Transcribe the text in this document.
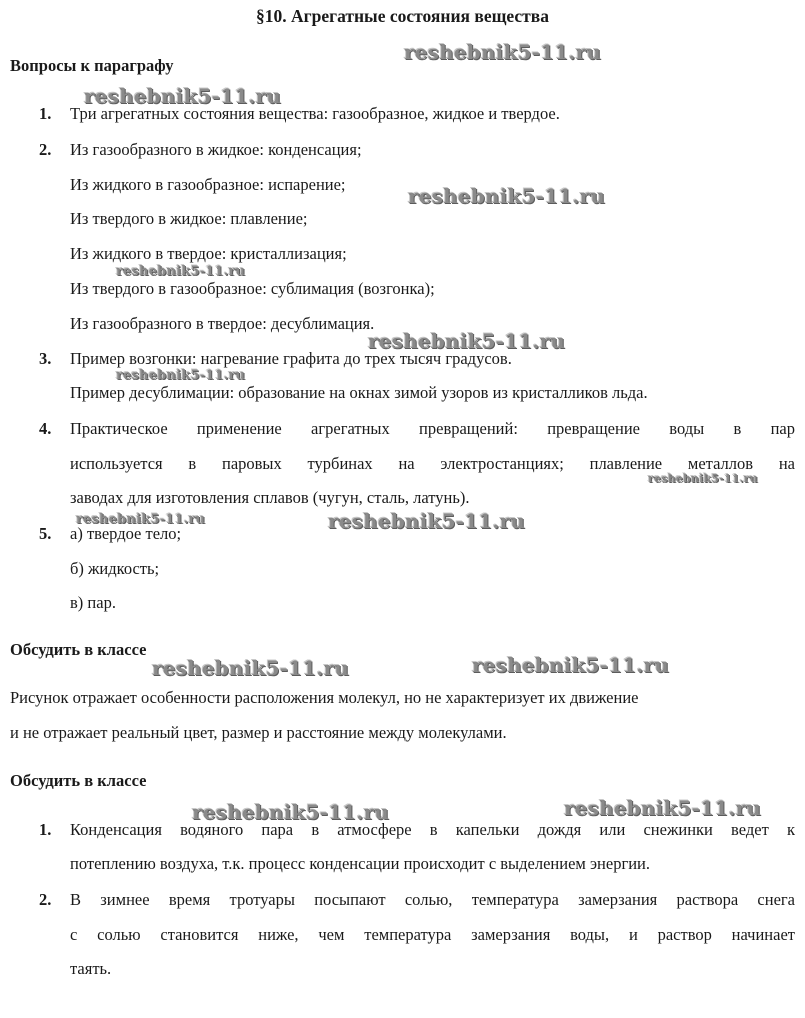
§10. Агрегатные состояния вещества
Вопросы к параграфу
1. Три агрегатных состояния вещества: газообразное, жидкое и твердое.
2. Из газообразного в жидкое: конденсация;
Из жидкого в газообразное: испарение;
Из твердого в жидкое: плавление;
Из жидкого в твердое: кристаллизация;
Из твердого в газообразное: сублимация (возгонка);
Из газообразного в твердое: десублимация.
3. Пример возгонки: нагревание графита до трех тысяч градусов.
Пример десублимации: образование на окнах зимой узоров из кристалликов льда.
4. Практическое применение агрегатных превращений: превращение воды в пар
используется в паровых турбинах на электростанциях; плавление металлов на
заводах для изготовления сплавов (чугун, сталь, латунь).
5. а) твердое тело;
б) жидкость;
в) пар.
Обсудить в классе
Рисунок отражает особенности расположения молекул, но не характеризует их движение
и не отражает реальный цвет, размер и расстояние между молекулами.
Обсудить в классе
1. Конденсация водяного пара в атмосфере в капельки дождя или снежинки ведет к
потеплению воздуха, т.к. процесс конденсации происходит с выделением энергии.
2. В зимнее время тротуары посыпают солью, температура замерзания раствора снега
с солью становится ниже, чем температура замерзания воды, и раствор начинает
таять.
reshebnik5-11.ru
reshebnik5-11.ru
reshebnik5-11.ru
reshebnik5-11.ru
reshebnik5-11.ru
reshebnik5-11.ru
reshebnik5-11.ru
reshebnik5-11.ru	reshebnik5-11.ru
reshebnik5-11.ru	reshebnik5-11.ru
reshebnik5-11.ru	reshebnik5-11.ru
